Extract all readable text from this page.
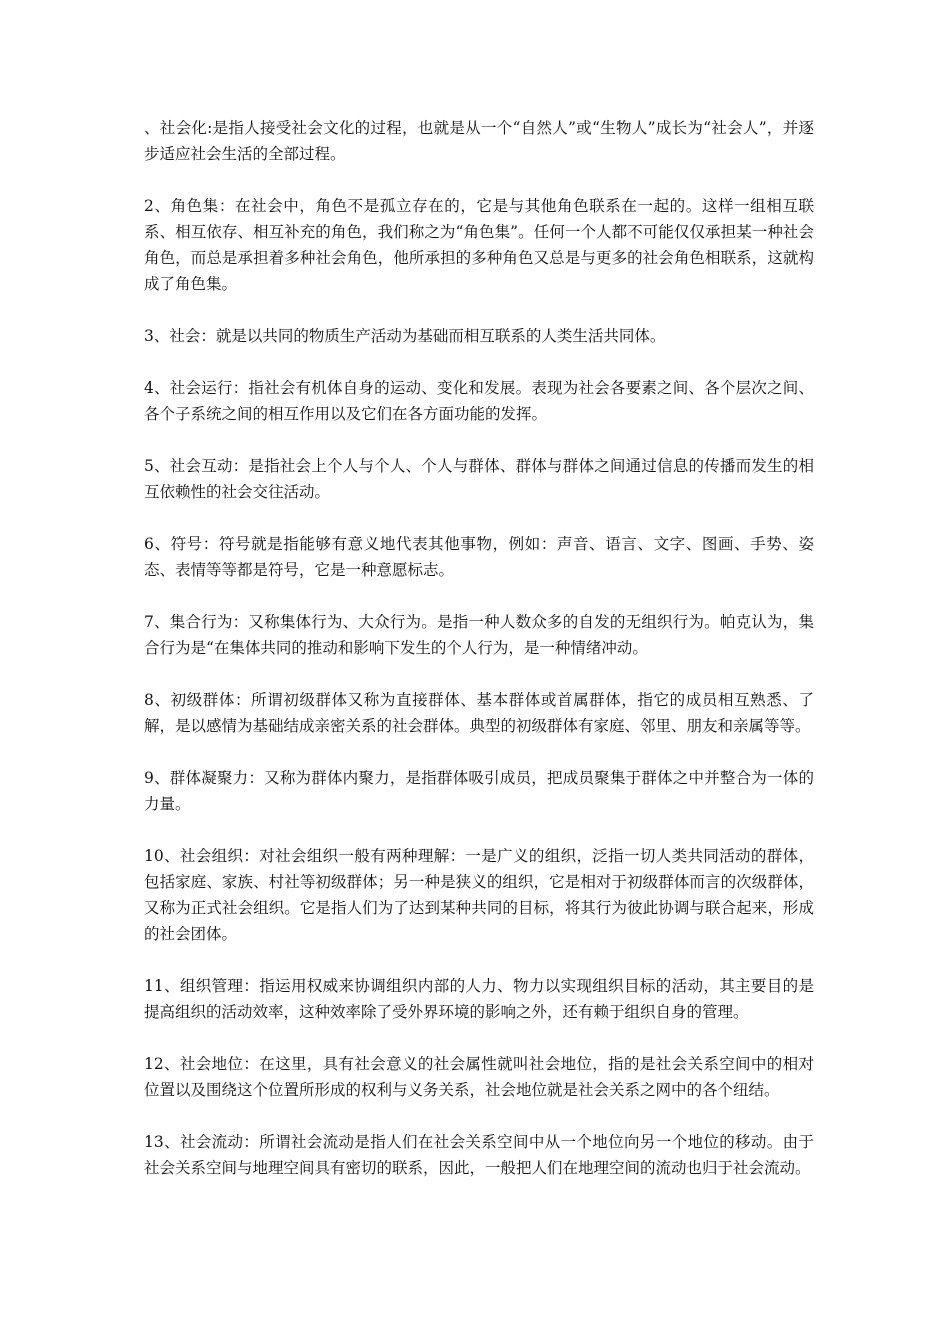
、社会化:是指人接受社会文化的过程，也就是从一个“自然人”或“生物人”成长为“社会人”，并逐步适应社会生活的全部过程。

2、角色集：在社会中，角色不是孤立存在的，它是与其他角色联系在一起的。这样一组相互联系、相互依存、相互补充的角色，我们称之为“角色集”。任何一个人都不可能仅仅承担某一种社会角色，而总是承担着多种社会角色，他所承担的多种角色又总是与更多的社会角色相联系，这就构成了角色集。

3、社会：就是以共同的物质生产活动为基础而相互联系的人类生活共同体。

4、社会运行：指社会有机体自身的运动、变化和发展。表现为社会各要素之间、各个层次之间、各个子系统之间的相互作用以及它们在各方面功能的发挥。

5、社会互动：是指社会上个人与个人、个人与群体、群体与群体之间通过信息的传播而发生的相互依赖性的社会交往活动。

6、符号：符号就是指能够有意义地代表其他事物，例如：声音、语言、文字、图画、手势、姿态、表情等等都是符号，它是一种意愿标志。

7、集合行为：又称集体行为、大众行为。是指一种人数众多的自发的无组织行为。帕克认为，集合行为是“在集体共同的推动和影响下发生的个人行为，是一种情绪冲动。

8、初级群体：所谓初级群体又称为直接群体、基本群体或首属群体，指它的成员相互熟悉、了解，是以感情为基础结成亲密关系的社会群体。典型的初级群体有家庭、邻里、朋友和亲属等等。

9、群体凝聚力：又称为群体内聚力，是指群体吸引成员，把成员聚集于群体之中并整合为一体的力量。

10、社会组织：对社会组织一般有两种理解：一是广义的组织，泛指一切人类共同活动的群体，包括家庭、家族、村社等初级群体；另一种是狭义的组织，它是相对于初级群体而言的次级群体，又称为正式社会组织。它是指人们为了达到某种共同的目标，将其行为彼此协调与联合起来，形成的社会团体。

11、组织管理：指运用权威来协调组织内部的人力、物力以实现组织目标的活动，其主要目的是提高组织的活动效率，这种效率除了受外界环境的影响之外，还有赖于组织自身的管理。

12、社会地位：在这里，具有社会意义的社会属性就叫社会地位，指的是社会关系空间中的相对位置以及围绕这个位置所形成的权利与义务关系，社会地位就是社会关系之网中的各个纽结。

13、社会流动：所谓社会流动是指人们在社会关系空间中从一个地位向另一个地位的移动。由于社会关系空间与地理空间具有密切的联系，因此，一般把人们在地理空间的流动也归于社会流动。
